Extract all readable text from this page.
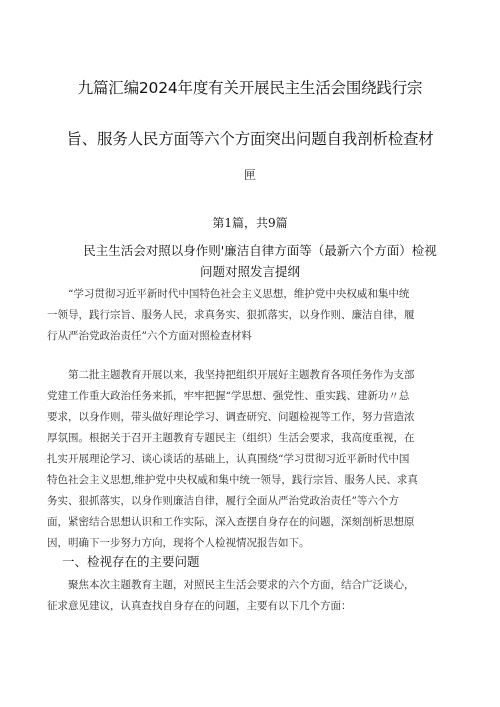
九篇汇编2024年度有关开展民主生活会围绕践行宗
旨、服务人民方面等六个方面突出问题自我剖析检查材
匣
第1篇，共9篇
民主生活会对照以身作则'廉洁自律方面等（最新六个方面）检视
问题对照发言提纲

“学习贯彻习近平新时代中国特色社会主义思想，维护党中央权威和集中统
一领导，践行宗旨、服务人民，求真务实、狠抓落实，以身作则、廉洁自律，履
行从严治党政治责任”六个方面对照检查材料

第二批主题教育开展以来，我坚持把组织开展好主题教育各项任务作为支部
党建工作重大政治任务来抓，牢牢把握“学思想、强党性、重实践、建新功〃总
要求，以身作则，带头做好理论学习、调查研究、问题检视等工作，努力营造浓
厚氛围。根据关于召开主题教育专题民主（组织）生活会要求，我高度重视，在
扎实开展理论学习、谈心谈话的基础上，认真围绕“学习贯彻习近平新时代中国
特色社会主义思想,维护党中央权威和集中统一领导，践行宗旨、服务人民、求真
务实、狠抓落实，以身作则廉洁自律，履行全面从严治党政治责任”等六个方
面，紧密结合思想认识和工作实际，深入查摆自身存在的问题，深刻剖析思想原
因，明确下一步努力方向，现将个人检视情况报告如下。

一、检视存在的主要问题

聚焦本次主题教育主题，对照民主生活会要求的六个方面，结合广泛谈心，
征求意见建议，认真查找自身存在的问题，主要有以下几个方面：
